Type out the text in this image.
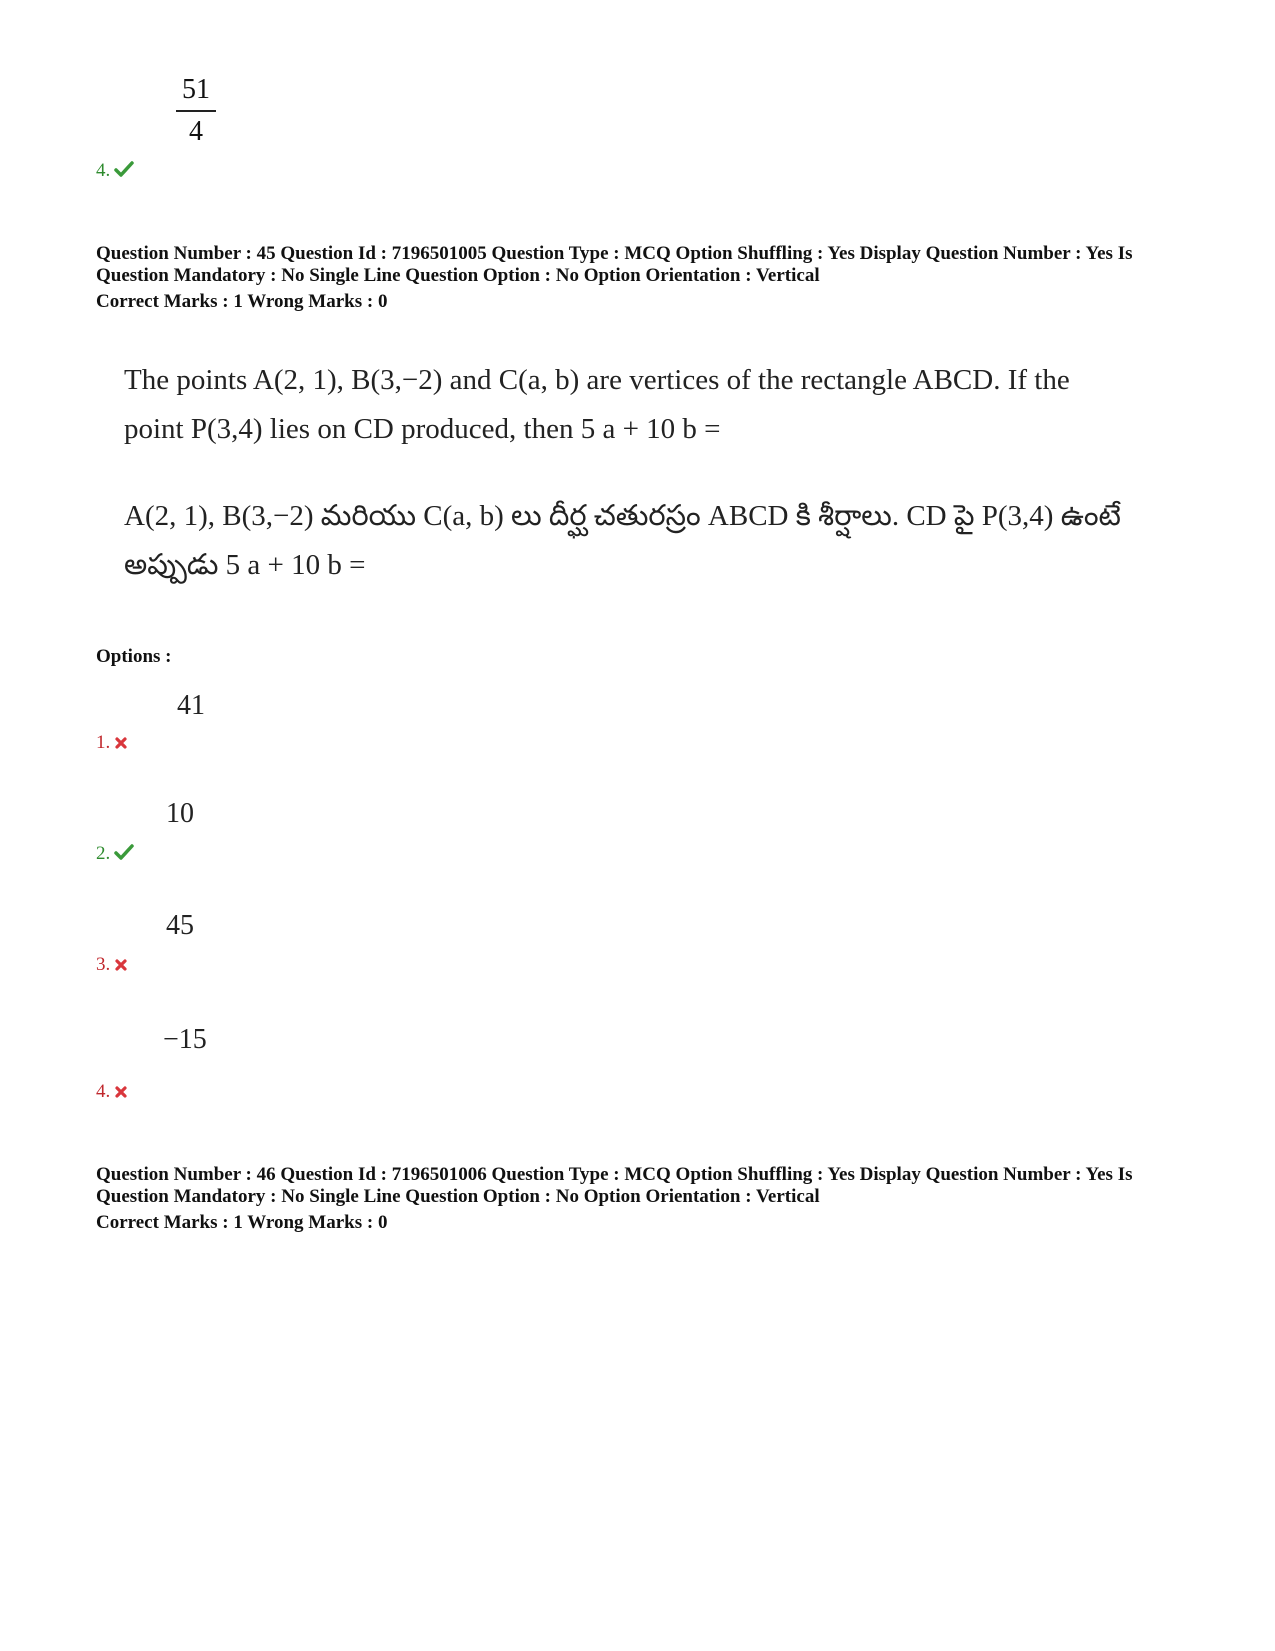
51
4
4.
Question Number : 45 Question Id : 7196501005 Question Type : MCQ Option Shuffling : Yes Display Question Number : Yes Is
Question Mandatory : No Single Line Question Option : No Option Orientation : Vertical
Correct Marks : 1 Wrong Marks : 0
The points A(2, 1), B(3,−2) and C(a, b) are vertices of the rectangle ABCD. If the
point P(3,4) lies on CD produced, then 5 a + 10 b =
A(2, 1), B(3,−2) మరియు C(a, b) లు దీర్ఘ చతురస్రం ABCD కి శీర్షాలు. CD పై P(3,4) ఉంటే
అప్పుడు 5 a + 10 b =
Options :
41
1.
10
2.
45
3.
−15
4.
Question Number : 46 Question Id : 7196501006 Question Type : MCQ Option Shuffling : Yes Display Question Number : Yes Is
Question Mandatory : No Single Line Question Option : No Option Orientation : Vertical
Correct Marks : 1 Wrong Marks : 0
